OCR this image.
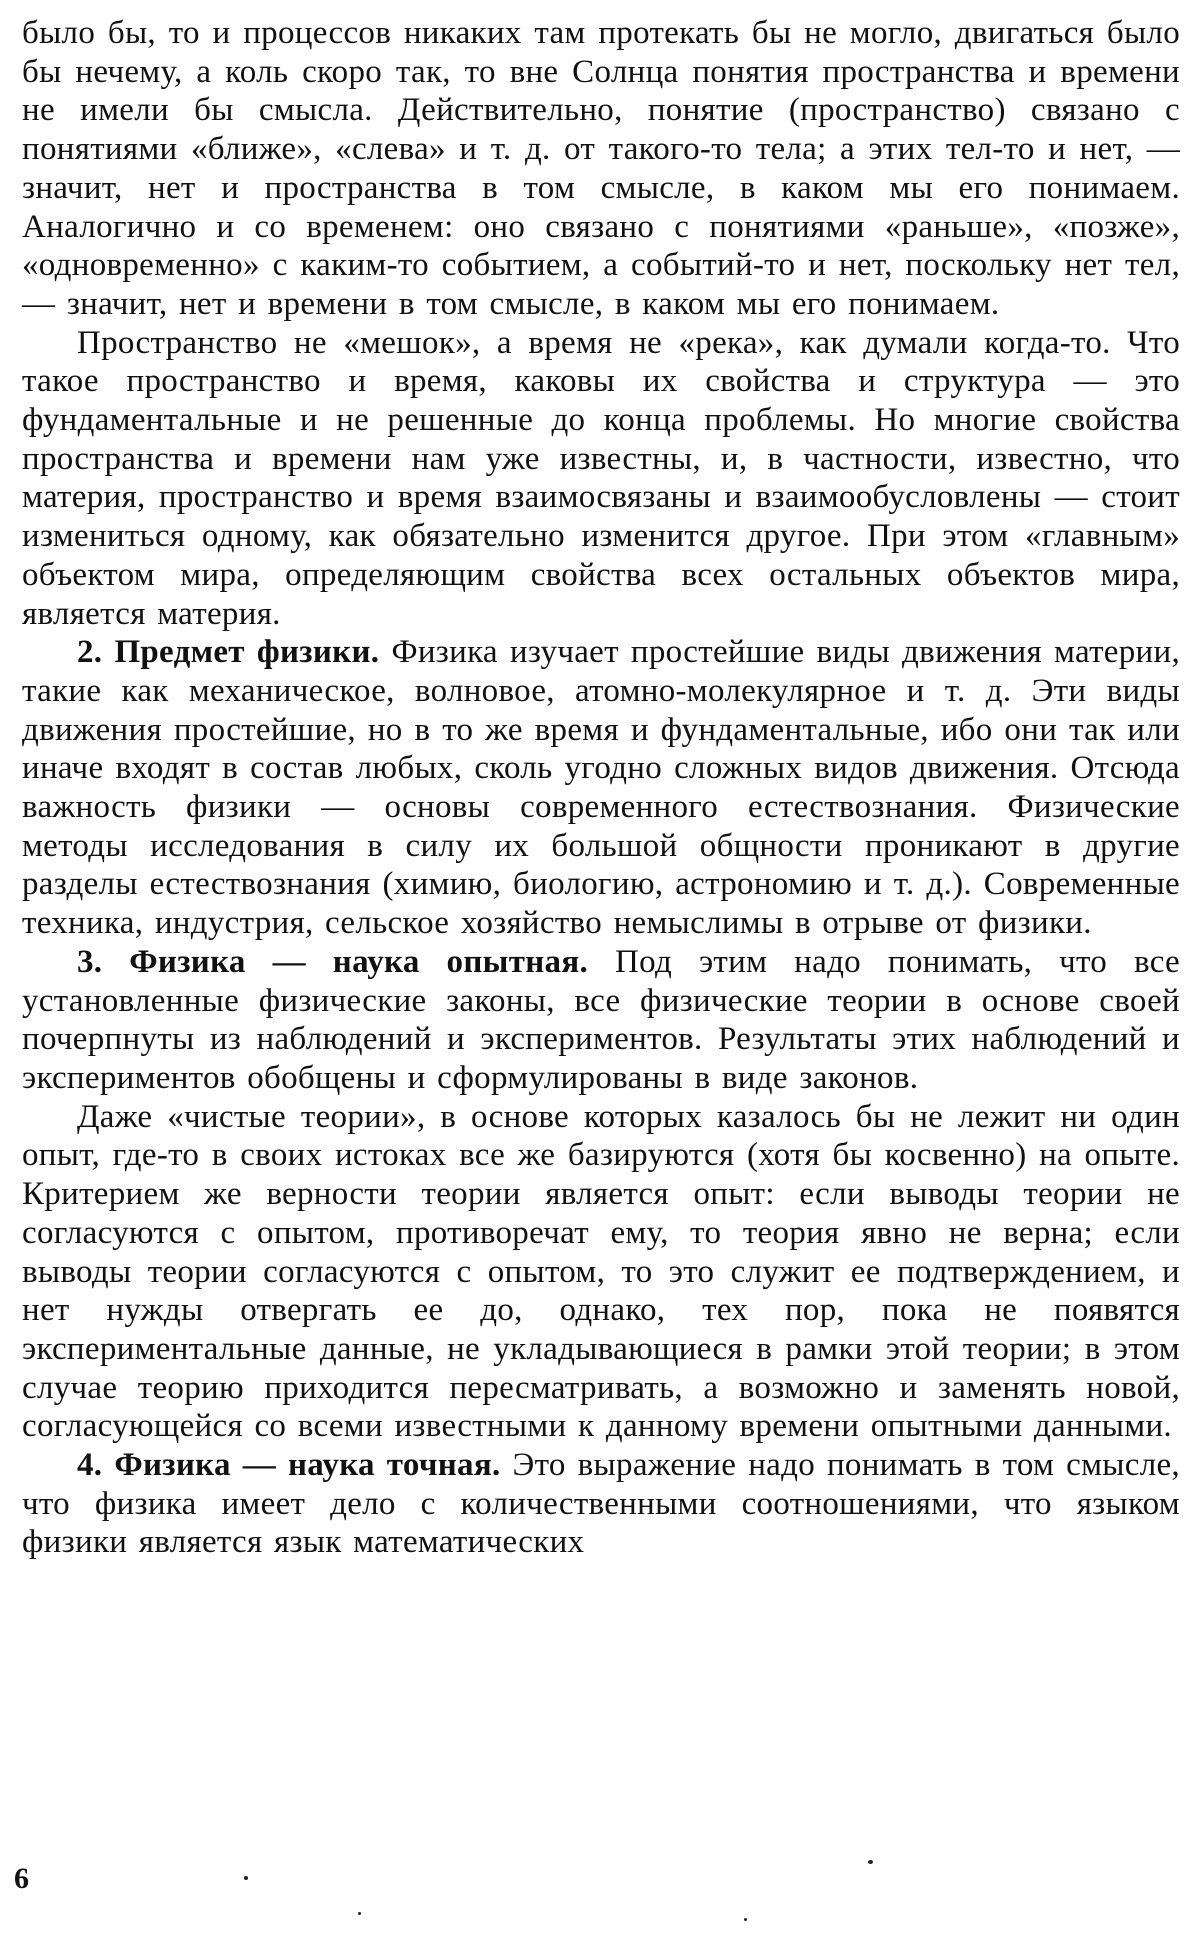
было бы, то и процессов никаких там протекать бы не могло, двигаться было бы нечему, а коль скоро так, то вне Солнца понятия пространства и времени не имели бы смысла. Действительно, понятие (пространство) связано с понятиями «ближе», «слева» и т. д. от такого-то тела; а этих тел-то и нет, — значит, нет и пространства в том смысле, в каком мы его понимаем. Аналогично и со временем: оно связано с понятиями «раньше», «позже», «одновременно» с каким-то событием, а событий-то и нет, поскольку нет тел, — значит, нет и времени в том смысле, в каком мы его понимаем.

Пространство не «мешок», а время не «река», как думали когда-то. Что такое пространство и время, каковы их свойства и структура — это фундаментальные и не решенные до конца проблемы. Но многие свойства пространства и времени нам уже известны, и, в частности, известно, что материя, пространство и время взаимосвязаны и взаимообусловлены — стоит измениться одному, как обязательно изменится другое. При этом «главным» объектом мира, определяющим свойства всех остальных объектов мира, является материя.

2. Предмет физики. Физика изучает простейшие виды движения материи, такие как механическое, волновое, атомно-молекулярное и т. д. Эти виды движения простейшие, но в то же время и фундаментальные, ибо они так или иначе входят в состав любых, сколь угодно сложных видов движения. Отсюда важность физики — основы современного естествознания. Физические методы исследования в силу их большой общности проникают в другие разделы естествознания (химию, биологию, астрономию и т. д.). Современные техника, индустрия, сельское хозяйство немыслимы в отрыве от физики.

3. Физика — наука опытная. Под этим надо понимать, что все установленные физические законы, все физические теории в основе своей почерпнуты из наблюдений и экспериментов. Результаты этих наблюдений и экспериментов обобщены и сформулированы в виде законов.

Даже «чистые теории», в основе которых казалось бы не лежит ни один опыт, где-то в своих истоках все же базируются (хотя бы косвенно) на опыте. Критерием же верности теории является опыт: если выводы теории не согласуются с опытом, противоречат ему, то теория явно не верна; если выводы теории согласуются с опытом, то это служит ее подтверждением, и нет нужды отвергать ее до, однако, тех пор, пока не появятся экспериментальные данные, не укладывающиеся в рамки этой теории; в этом случае теорию приходится пересматривать, а возможно и заменять новой, согласующейся со всеми известными к данному времени опытными данными.

4. Физика — наука точная. Это выражение надо понимать в том смысле, что физика имеет дело с количественными соотношениями, что языком физики является язык математических

6
